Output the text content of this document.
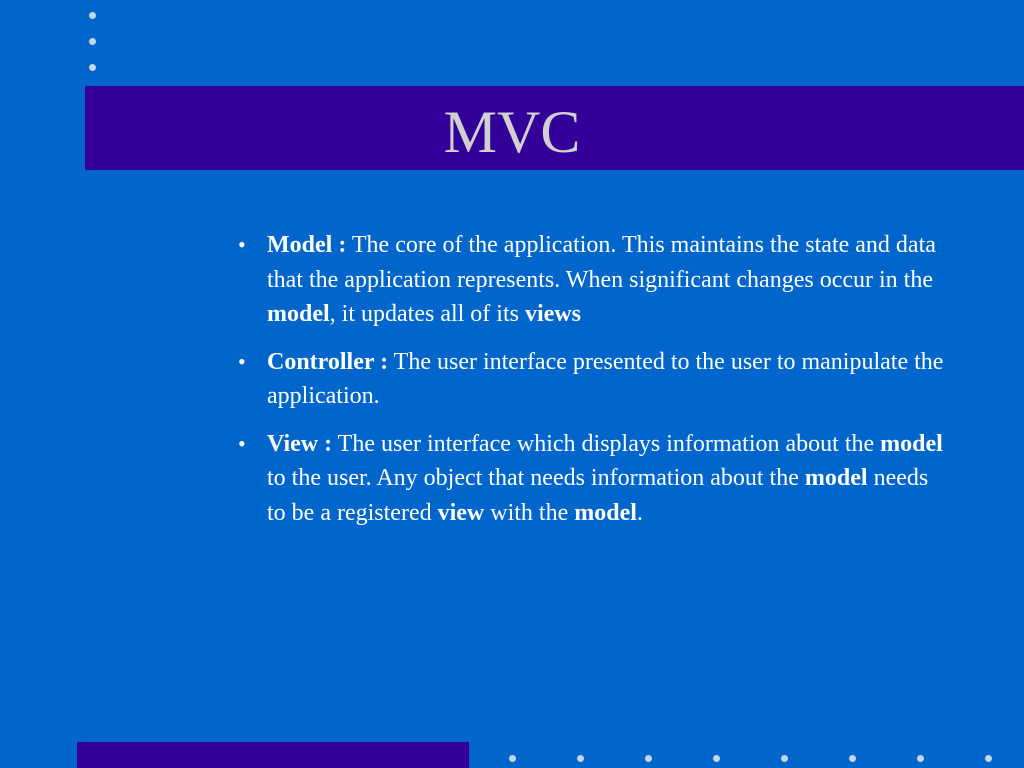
MVC
• Model : The core of the application. This maintains the state and data that the application represents. When significant changes occur in the model, it updates all of its views
• Controller : The user interface presented to the user to manipulate the application.
• View : The user interface which displays information about the model to the user. Any object that needs information about the model needs to be a registered view with the model.
